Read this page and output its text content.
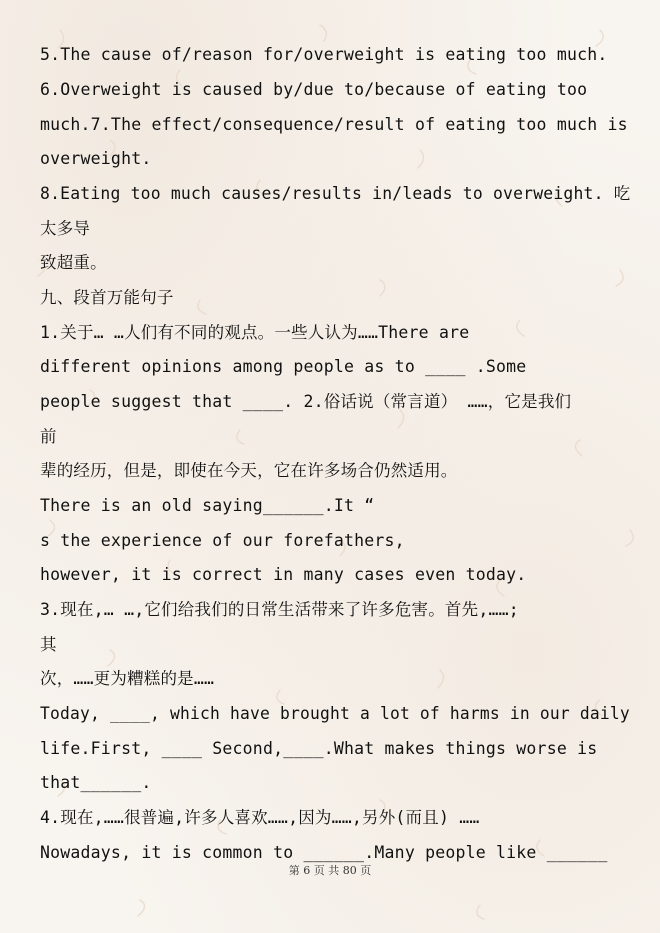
5.The cause of/reason for/overweight is eating too much.
6.Overweight is caused by/due to/because of eating too
much.7.The effect/consequence/result of eating too much is
overweight.
8.Eating too much causes/results in/leads to overweight. 吃
太多导
致超重。
九、段首万能句子
1.关于… …人们有不同的观点。一些人认为……There are
different opinions among people as to ____ .Some
people suggest that ____. 2.俗话说（常言道） ……，它是我们
前
辈的经历，但是，即使在今天，它在许多场合仍然适用。
There is an old saying______.It “
s the experience of our forefathers,
however, it is correct in many cases even today.
3.现在,… …,它们给我们的日常生活带来了许多危害。首先,……;
其
次，……更为糟糕的是……
Today, ____, which have brought a lot of harms in our daily
life.First, ____ Second,____.What makes things worse is
that______.
4.现在,……很普遍,许多人喜欢……,因为……,另外(而且) ……
Nowadays, it is common to ______.Many people like ______
第 6 页 共 80 页
